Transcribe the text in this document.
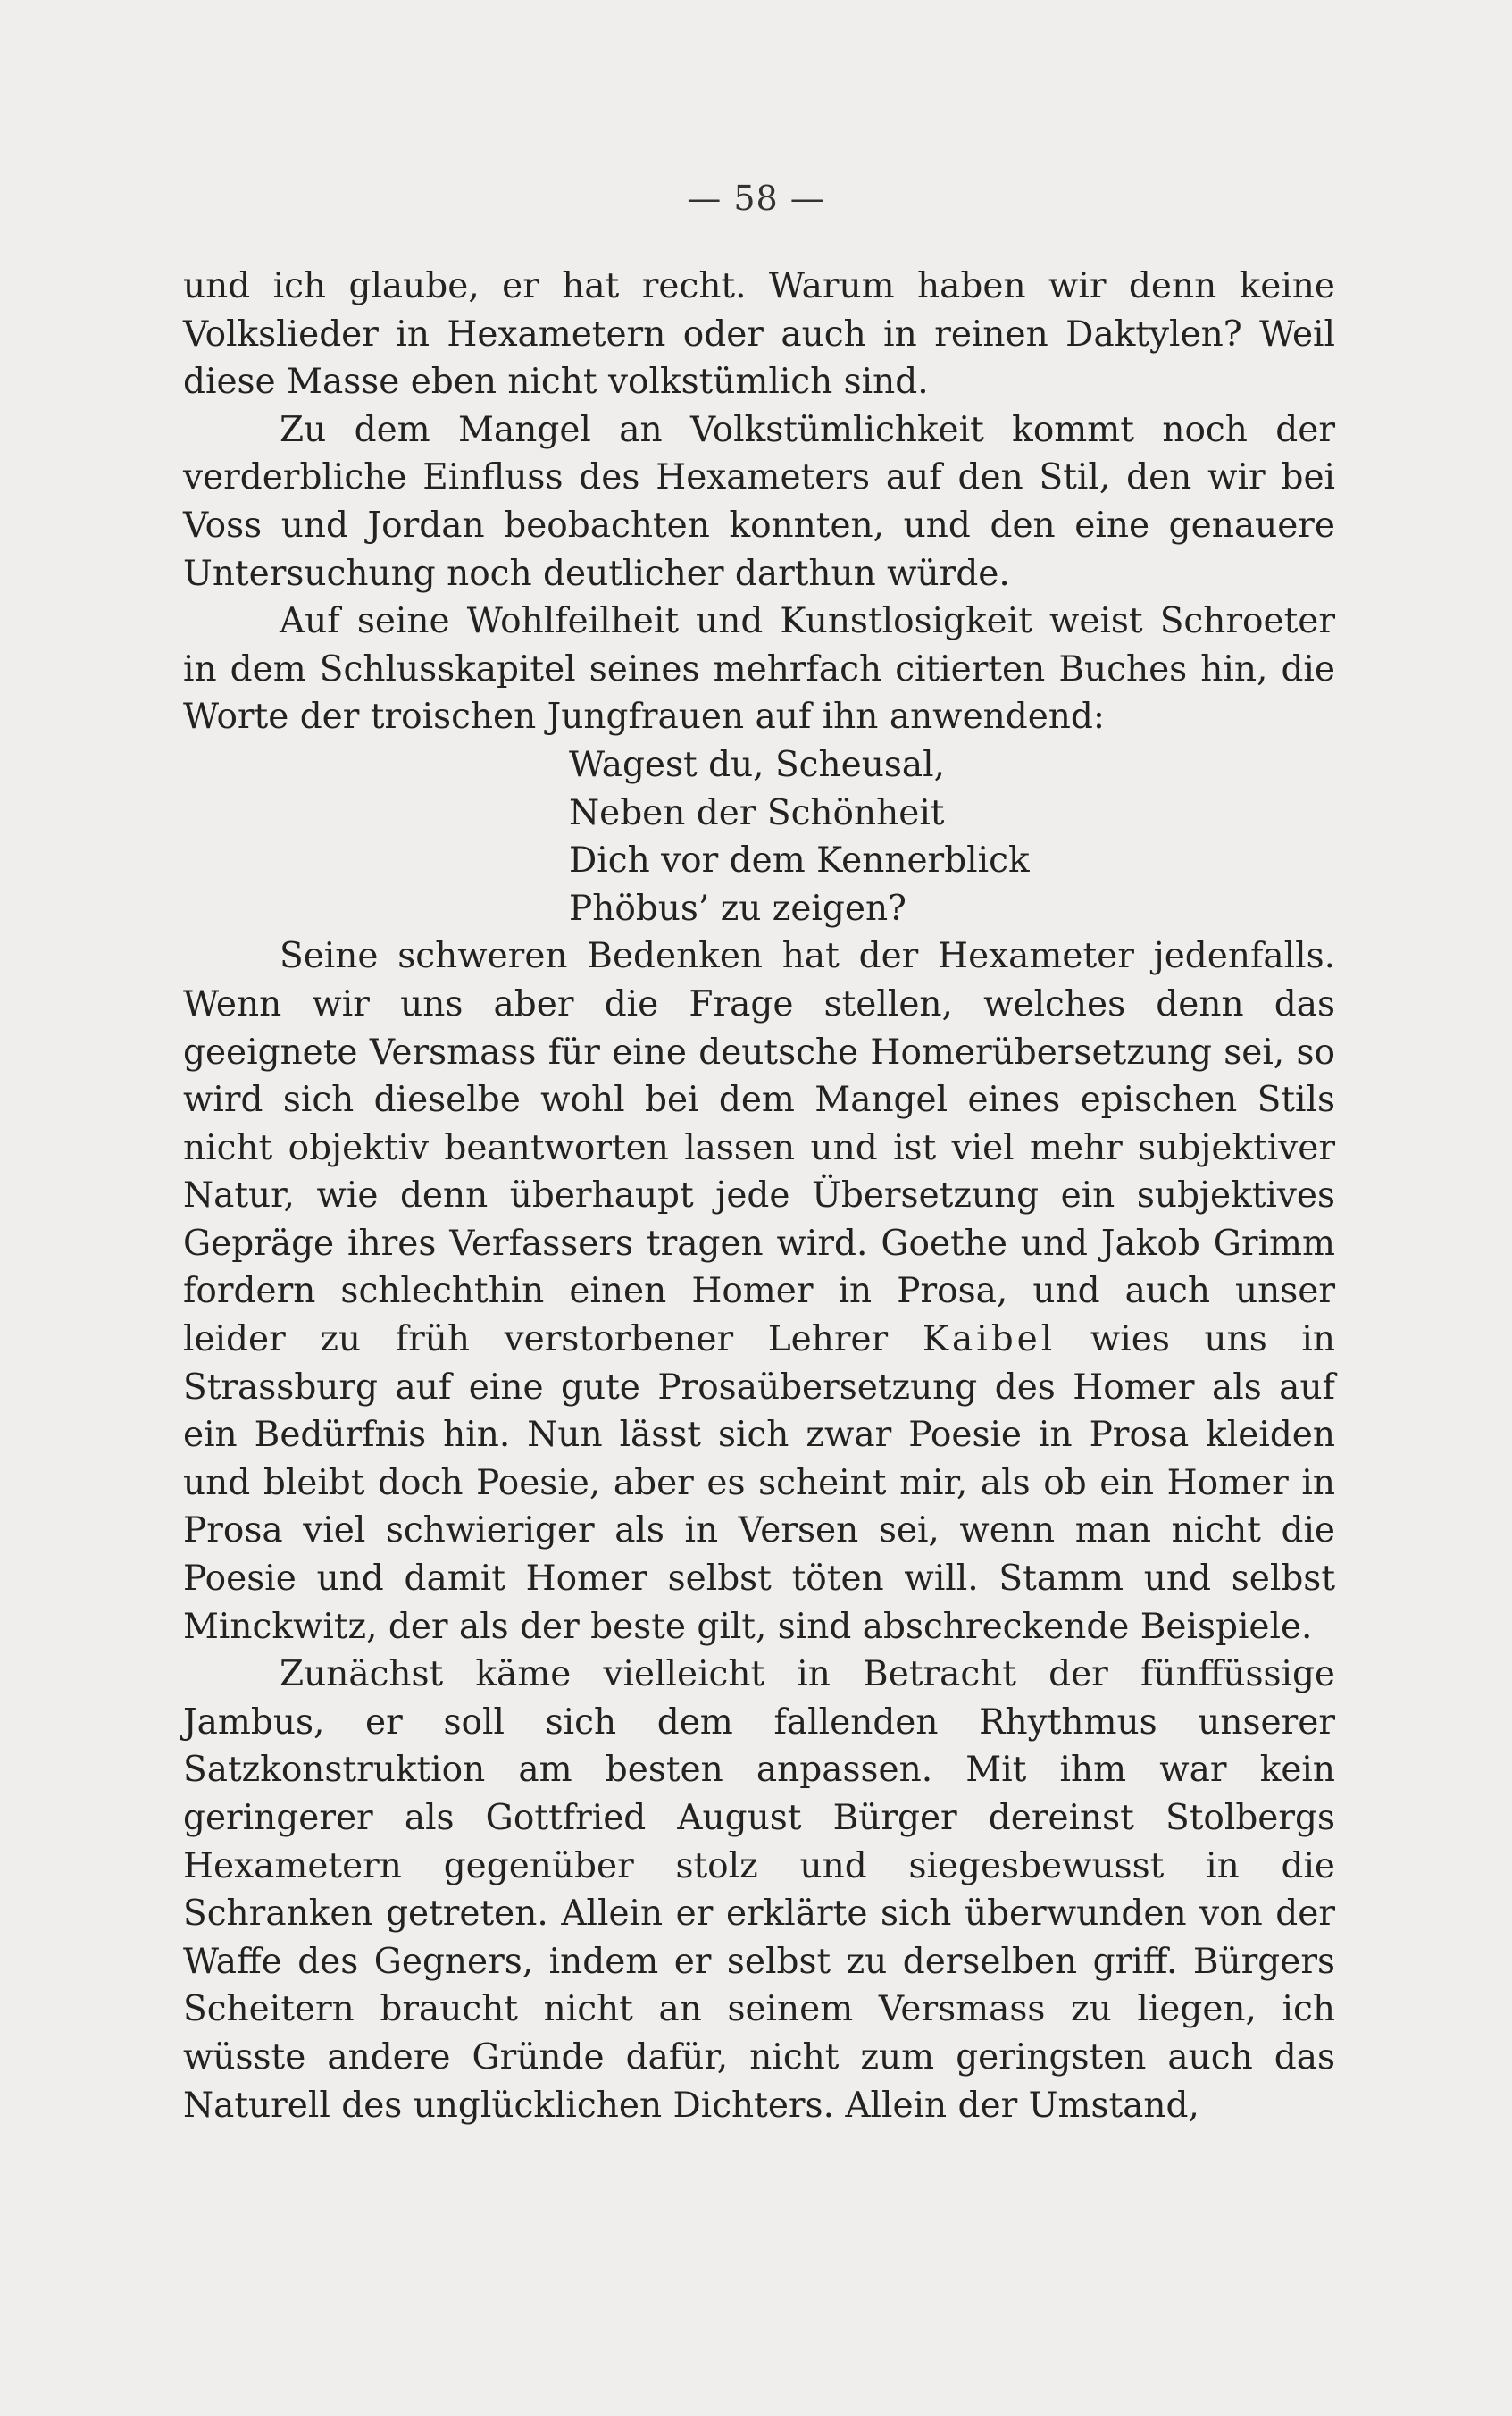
— 58 —

und ich glaube, er hat recht. Warum haben wir denn keine Volkslieder in Hexametern oder auch in reinen Daktylen? Weil diese Masse eben nicht volkstümlich sind.

Zu dem Mangel an Volkstümlichkeit kommt noch der verderbliche Einfluss des Hexameters auf den Stil, den wir bei Voss und Jordan beobachten konnten, und den eine genauere Untersuchung noch deutlicher darthun würde.

Auf seine Wohlfeilheit und Kunstlosigkeit weist Schroeter in dem Schlusskapitel seines mehrfach citierten Buches hin, die Worte der troischen Jungfrauen auf ihn anwendend:

Wagest du, Scheusal,
Neben der Schönheit
Dich vor dem Kennerblick
Phöbus’ zu zeigen?

Seine schweren Bedenken hat der Hexameter jedenfalls. Wenn wir uns aber die Frage stellen, welches denn das geeignete Versmass für eine deutsche Homerübersetzung sei, so wird sich dieselbe wohl bei dem Mangel eines epischen Stils nicht objektiv beantworten lassen und ist viel mehr subjektiver Natur, wie denn überhaupt jede Übersetzung ein subjektives Gepräge ihres Verfassers tragen wird. Goethe und Jakob Grimm fordern schlechthin einen Homer in Prosa, und auch unser leider zu früh verstorbener Lehrer Kaibel wies uns in Strassburg auf eine gute Prosaübersetzung des Homer als auf ein Bedürfnis hin. Nun lässt sich zwar Poesie in Prosa kleiden und bleibt doch Poesie, aber es scheint mir, als ob ein Homer in Prosa viel schwieriger als in Versen sei, wenn man nicht die Poesie und damit Homer selbst töten will. Stamm und selbst Minckwitz, der als der beste gilt, sind abschreckende Beispiele.

Zunächst käme vielleicht in Betracht der fünffüssige Jambus, er soll sich dem fallenden Rhythmus unserer Satzkonstruktion am besten anpassen. Mit ihm war kein geringerer als Gottfried August Bürger dereinst Stolbergs Hexametern gegenüber stolz und siegesbewusst in die Schranken getreten. Allein er erklärte sich überwunden von der Waffe des Gegners, indem er selbst zu derselben griff. Bürgers Scheitern braucht nicht an seinem Versmass zu liegen, ich wüsste andere Gründe dafür, nicht zum geringsten auch das Naturell des unglücklichen Dichters. Allein der Umstand,
